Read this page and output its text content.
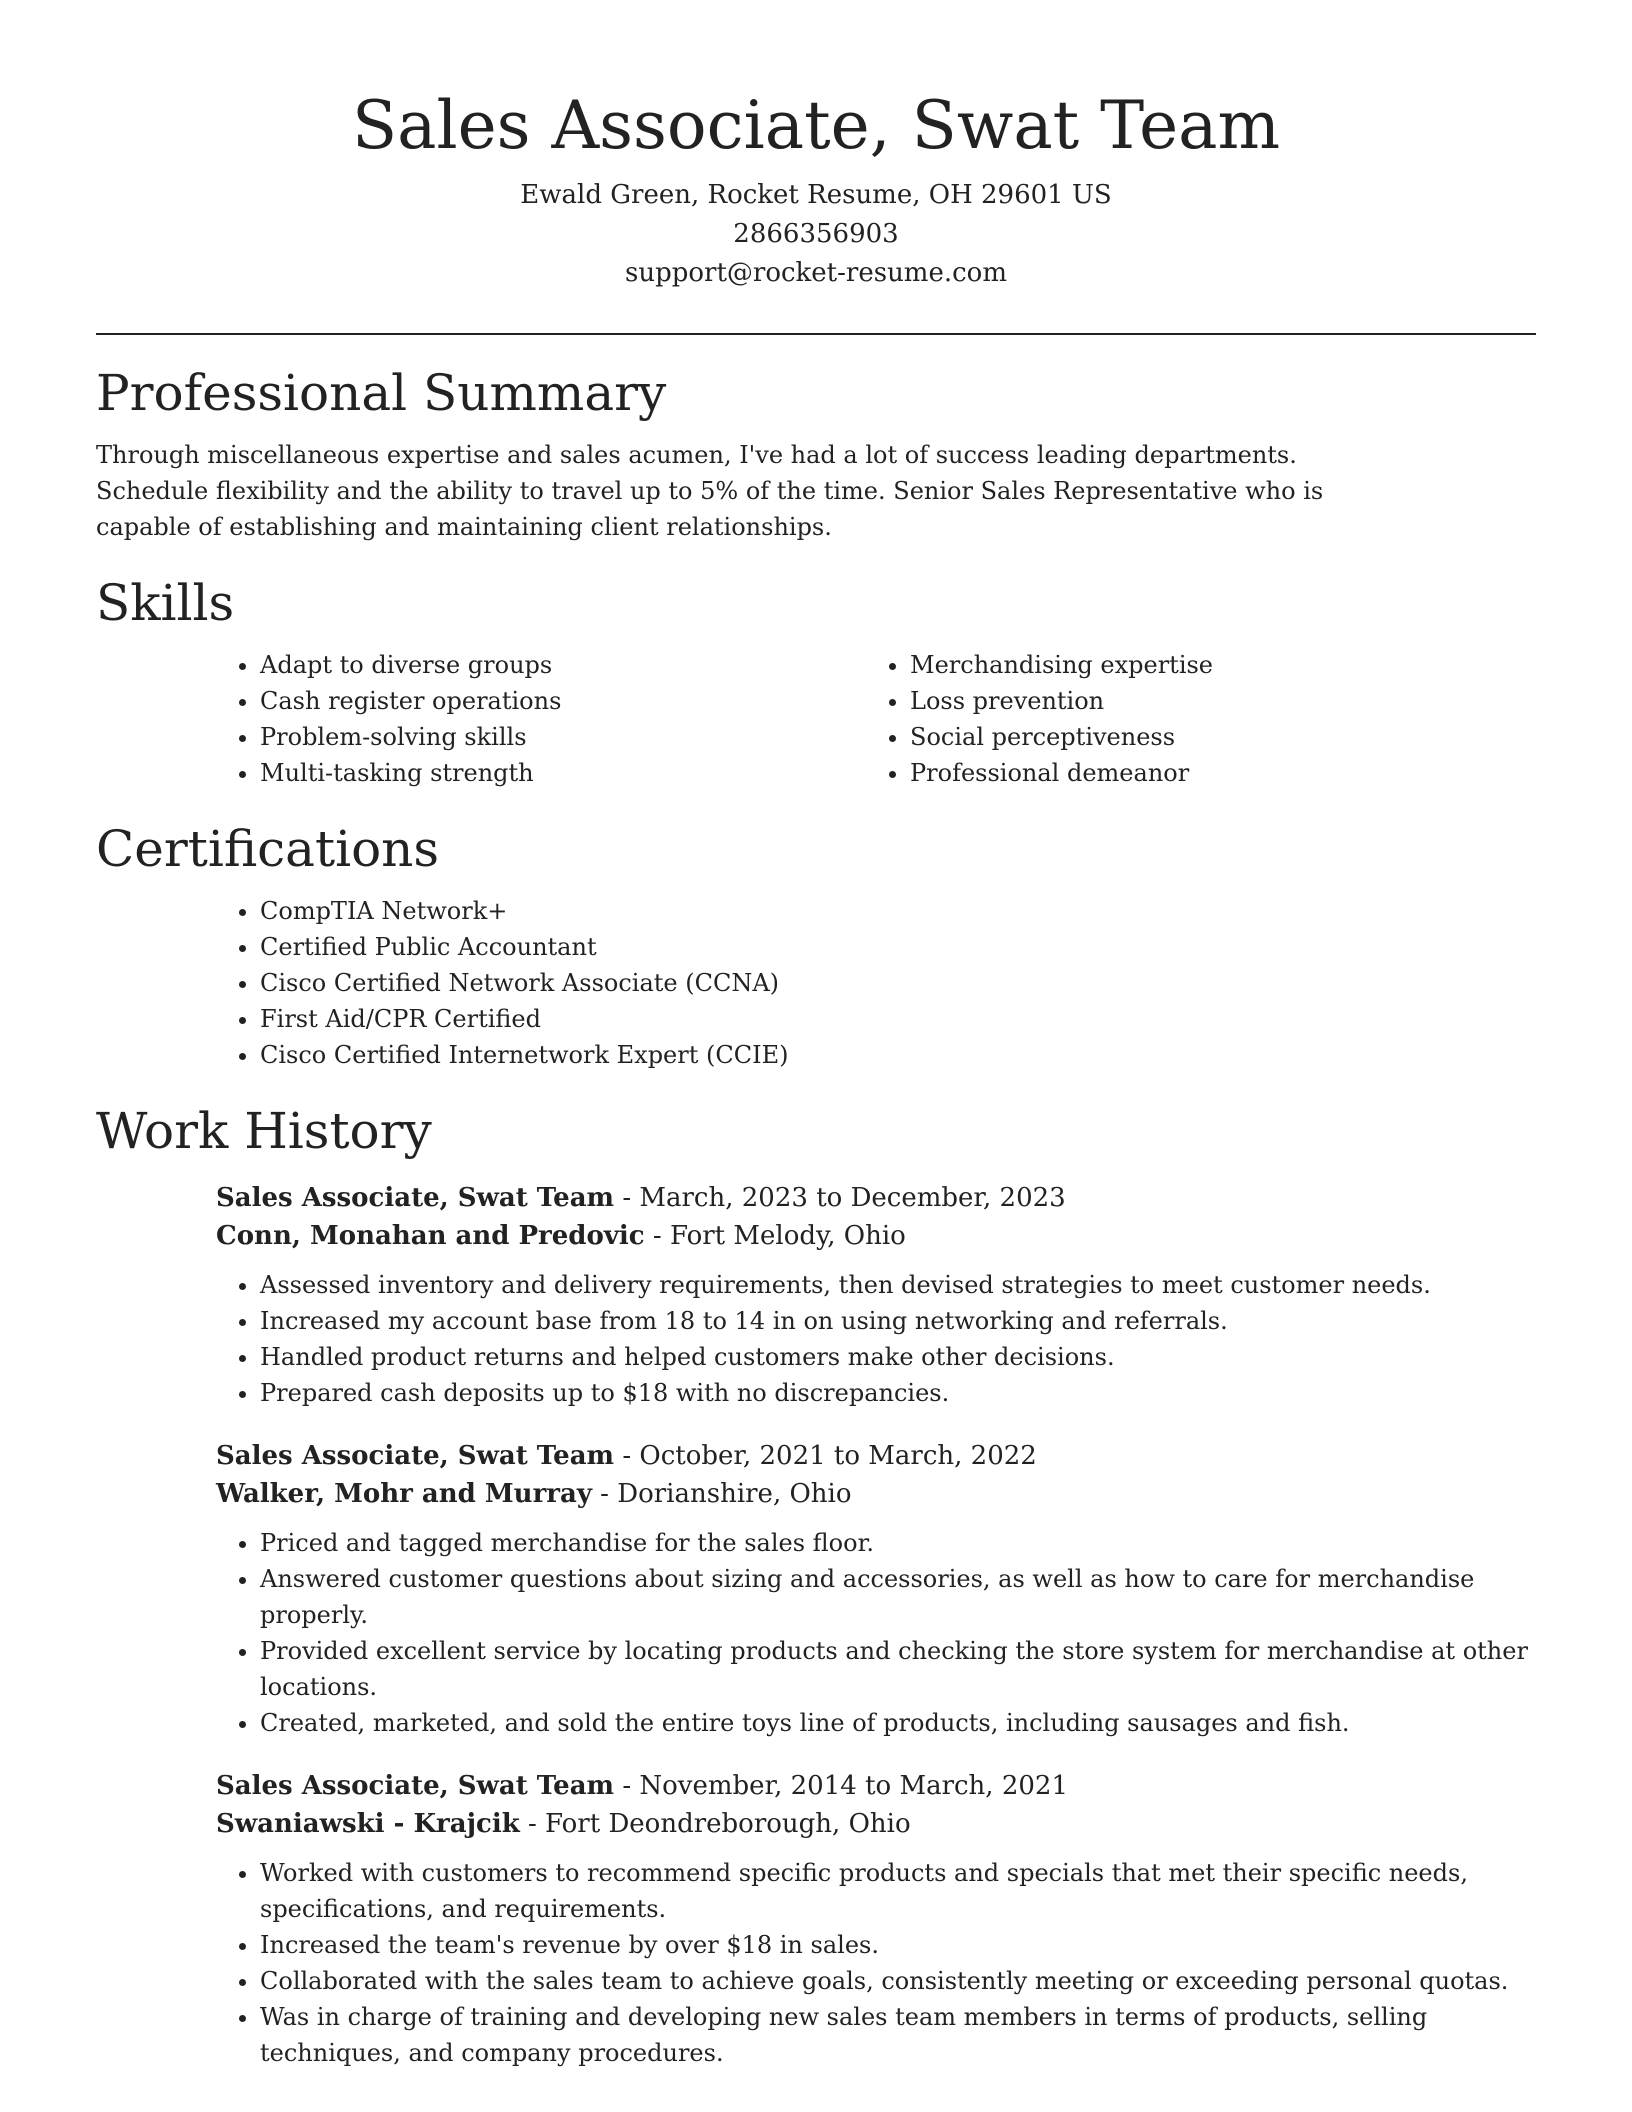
Sales Associate, Swat Team

Ewald Green, Rocket Resume, OH 29601 US

2866356903

support@rocket-resume.com

Professional Summary

Through miscellaneous expertise and sales acumen, I've had a lot of success leading departments. Schedule flexibility and the ability to travel up to 5% of the time. Senior Sales Representative who is capable of establishing and maintaining client relationships.

Skills
• Adapt to diverse groups
• Cash register operations
• Problem-solving skills
• Multi-tasking strength
• Merchandising expertise
• Loss prevention
• Social perceptiveness
• Professional demeanor
Certifications
• CompTIA Network+
• Certified Public Accountant
• Cisco Certified Network Associate (CCNA)
• First Aid/CPR Certified
• Cisco Certified Internetwork Expert (CCIE)
Work History

Sales Associate, Swat Team - March, 2023 to December, 2023

Conn, Monahan and Predovic - Fort Melody, Ohio

• Assessed inventory and delivery requirements, then devised strategies to meet customer needs.
• Increased my account base from 18 to 14 in on using networking and referrals.
• Handled product returns and helped customers make other decisions.
• Prepared cash deposits up to $18 with no discrepancies.

Sales Associate, Swat Team - October, 2021 to March, 2022

Walker, Mohr and Murray - Dorianshire, Ohio

• Priced and tagged merchandise for the sales floor.
• Answered customer questions about sizing and accessories, as well as how to care for merchandise properly.
• Provided excellent service by locating products and checking the store system for merchandise at other locations.
• Created, marketed, and sold the entire toys line of products, including sausages and fish.

Sales Associate, Swat Team - November, 2014 to March, 2021

Swaniawski - Krajcik - Fort Deondreborough, Ohio

• Worked with customers to recommend specific products and specials that met their specific needs, specifications, and requirements.
• Increased the team's revenue by over $18 in sales.
• Collaborated with the sales team to achieve goals, consistently meeting or exceeding personal quotas.
• Was in charge of training and developing new sales team members in terms of products, selling techniques, and company procedures.
